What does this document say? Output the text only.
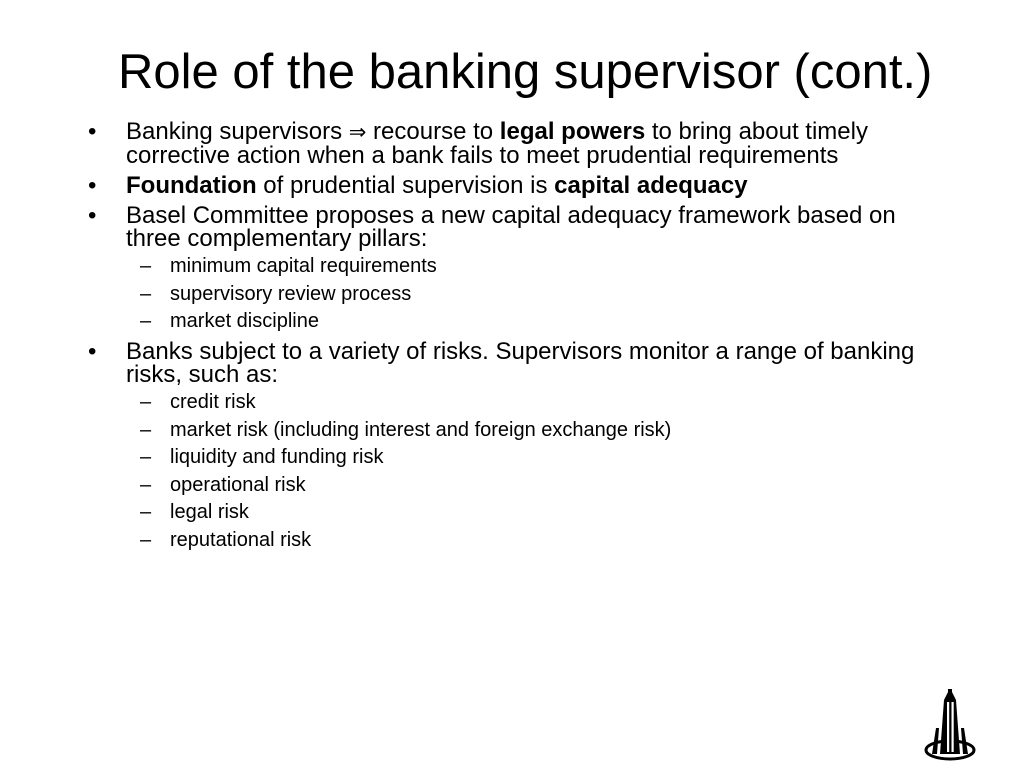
Role of the banking supervisor (cont.)
• Banking supervisors ⇒ recourse to legal powers to bring about timely corrective action when a bank fails to meet prudential requirements
• Foundation of prudential supervision is capital adequacy
• Basel Committee proposes a new capital adequacy framework based on three complementary pillars:
– minimum capital requirements
– supervisory review process
– market discipline
• Banks subject to a variety of risks. Supervisors monitor a range of banking risks, such as:
– credit risk
– market risk (including interest and foreign exchange risk)
– liquidity and funding risk
– operational risk
– legal risk
– reputational risk
